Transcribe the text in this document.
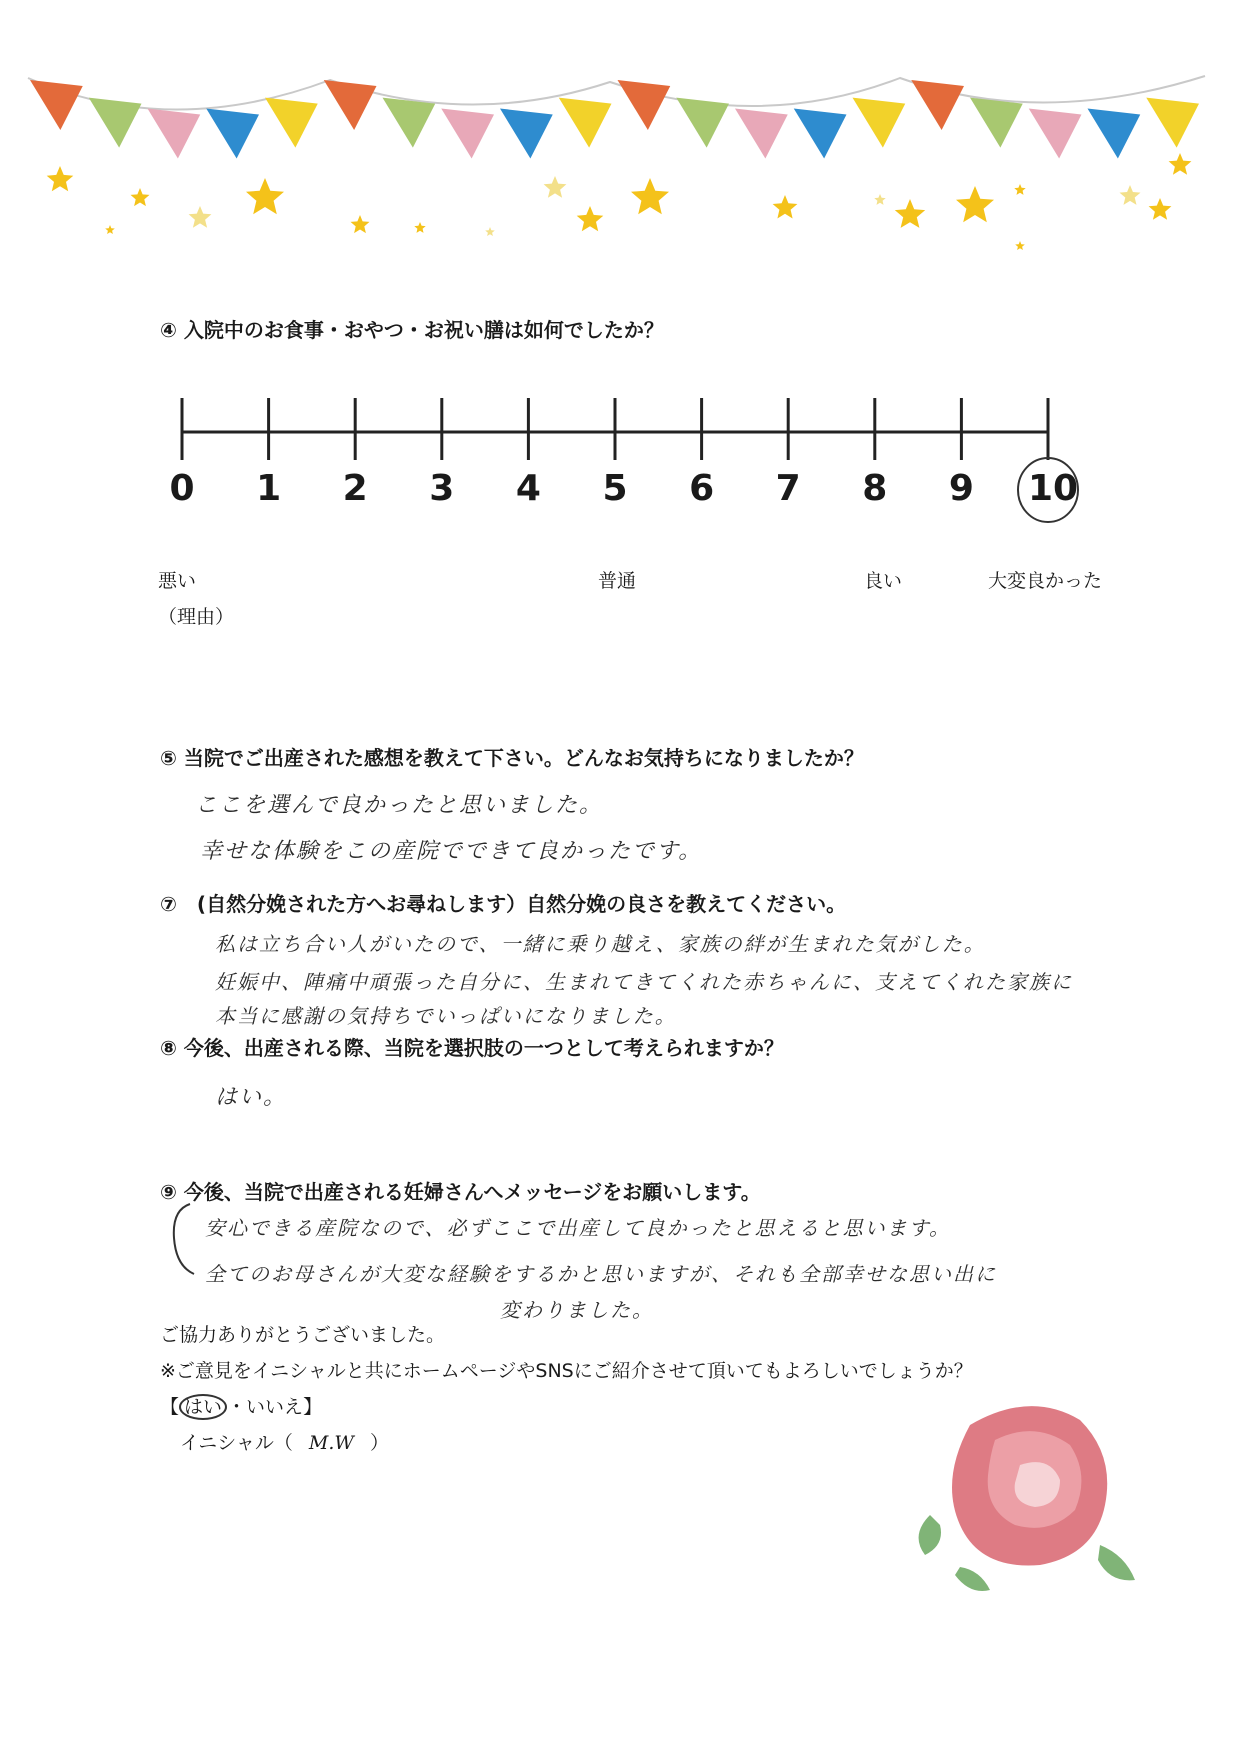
④ 入院中のお食事・おやつ・お祝い膳は如何でしたか？
0 1 2 3 4 5 6 7 8 9 10
悪い	普通	良い	大変良かった
（理由）
⑤ 当院でご出産された感想を教えて下さい。どんなお気持ちになりましたか？
ここを選んで良かったと思いました。
幸せな体験をこの産院でできて良かったです。
⑦　(自然分娩された方へお尋ねします）自然分娩の良さを教えてください。
私は立ち合い人がいたので、一緒に乗り越え、家族の絆が生まれた気がした。
妊娠中、陣痛中頑張った自分に、生まれてきてくれた赤ちゃんに、支えてくれた家族に
本当に感謝の気持ちでいっぱいになりました。
⑧ 今後、出産される際、当院を選択肢の一つとして考えられますか？
はい。
⑨ 今後、当院で出産される妊婦さんへメッセージをお願いします。
安心できる産院なので、必ずここで出産して良かったと思えると思います。
全てのお母さんが大変な経験をするかと思いますが、それも全部幸せな思い出に
変わりました。
ご協力ありがとうございました。
※ご意見をイニシャルと共にホームページやSNSにご紹介させて頂いてもよろしいでしょうか？
【 はい ・いいえ】
イニシャル（ M.W ）
